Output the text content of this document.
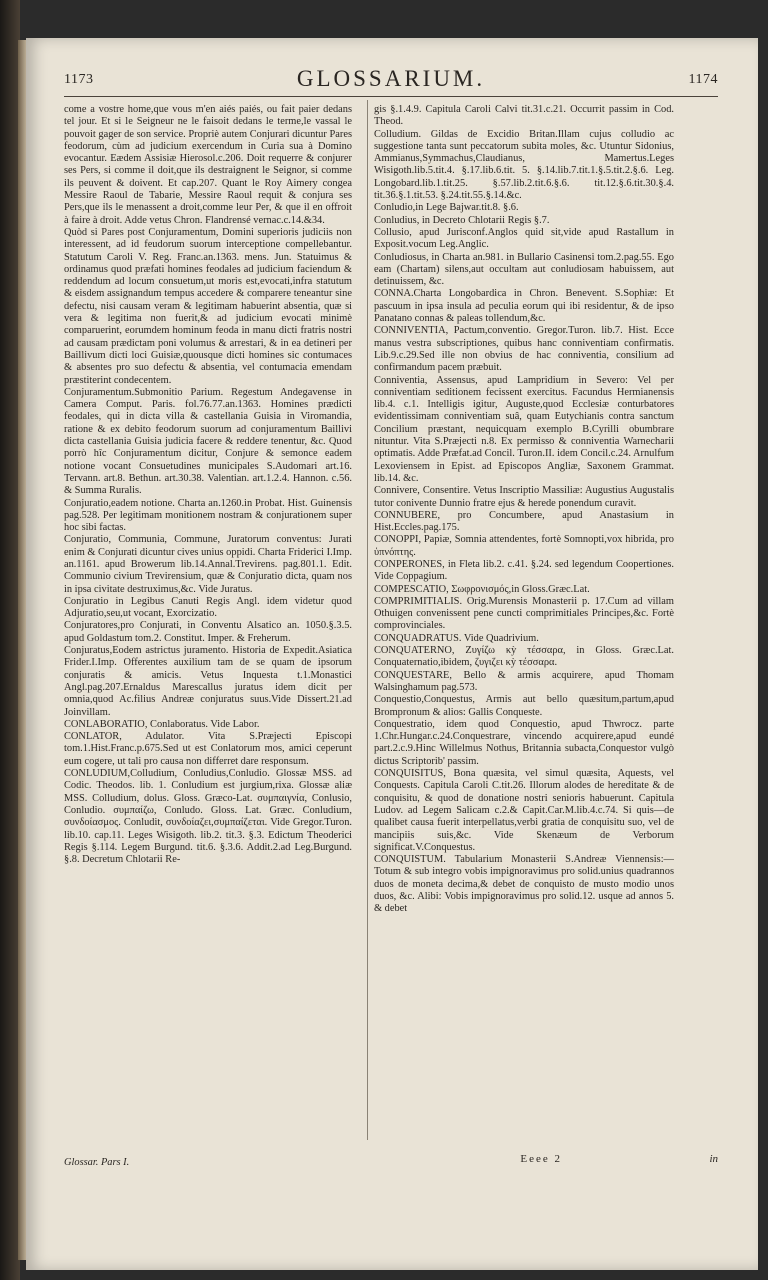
1173	GLOSSARIUM.	1174

come a vostre home,que vous m'en aiés paiés, ou fait paier dedans tel jour. Et si le Seigneur ne le faisoit dedans le terme,le vassal le pouvoit gager de son service. Propriè autem Conjurari dicuntur Pares feodorum, cùm ad judicium exercendum in Curia sua à Domino evocantur. Eædem Assisiæ Hierosol.c.206. Doit requerre & conjurer ses Pers, si comme il doit,que ils destraignent le Seignor, si comme ils peuvent & doivent. Et cap.207. Quant le Roy Aimery congea Messire Raoul de Tabarie, Messire Raoul requit & conjura ses Pers,que ils le menassent a droit,comme leur Per, & que il en offroit à faire à droit. Adde vetus Chron. Flandrensé vernac.c.14.&34.

Quòd si Pares post Conjuramentum, Domini superioris judiciis non interessent, ad id feudorum suorum interceptione compellebantur. Statutum Caroli V. Reg. Franc.an.1363. mens. Jun. Statuimus & ordinamus quod præfati homines feodales ad judicium faciendum & reddendum ad locum consuetum,ut moris est,evocati,infra statutum & eisdem assignandum tempus accedere & comparere teneantur sine defectu, nisi causam veram & legitimam habuerint absentia, quæ si vera & legitima non fuerit,& ad judicium evocati minimè comparuerint, eorumdem hominum feoda in manu dicti fratris nostri ad causam prædictam poni volumus & arrestari, & in ea detineri per Baillivum dicti loci Guisiæ,quousque dicti homines sic contumaces & absentes pro suo defectu & absentia, vel contumacia emendam præstiterint condecentem.

Conjuramentum.Submonitio Parium. Regestum Andegavense in Camera Comput. Paris. fol.76.77.an.1363. Homines prædicti feodales, qui in dicta villa & castellania Guisia in Viromandia, ratione & ex debito feodorum suorum ad conjuramentum Baillivi dicta castellania Guisia judicia facere & reddere tenentur, &c. Quod porrò hîc Conjuramentum dicitur, Conjure & semonce eadem notione vocant Consuetudines municipales S.Audomari art.16. Tervann. art.8. Bethun. art.30.38. Valentian. art.1.2.4. Hannon. c.56. & Summa Ruralis.

Conjuratio,eadem notione. Charta an.1260.in Probat. Hist. Guinensis pag.528. Per legitimam monitionem nostram & conjurationem super hoc sibi factas.

Conjuratio, Communia, Commune, Juratorum conventus: Jurati enim & Conjurati dicuntur cives unius oppidi. Charta Friderici I.Imp. an.1161. apud Browerum lib.14.Annal.Trevirens. pag.801.1. Edit. Communio civium Trevirensium, quæ & Conjuratio dicta, quam nos in ipsa civitate destruximus,&c. Vide Juratus.

Conjuratio in Legibus Canuti Regis Angl. idem videtur quod Adjuratio,seu,ut vocant, Exorcizatio.

Conjuratores,pro Conjurati, in Conventu Alsatico an. 1050.§.3.5. apud Goldastum tom.2. Constitut. Imper. & Freherum.

Conjuratus,Eodem astrictus juramento. Historia de Expedit.Asiatica Frider.I.Imp. Offerentes auxilium tam de se quam de ipsorum conjuratis & amicis. Vetus Inquesta t.1.Monastici Angl.pag.207.Ernaldus Marescallus juratus idem dicit per omnia,quod Ac.filius Andreæ conjuratus suus.Vide Dissert.21.ad Joinvillam.

CONLABORATIO, Conlaboratus. Vide Labor.

CONLATOR, Adulator. Vita S.Præjecti Episcopi tom.1.Hist.Franc.p.675.Sed ut est Conlatorum mos, amici ceperunt eum cogere, ut tali pro causa non differret dare responsum.

CONLUDIUM,Colludium, Conludius,Conludio. Glossæ MSS. ad Codic. Theodos. lib. 1. Conludium est jurgium,rixa. Glossæ aliæ MSS. Colludium, dolus. Gloss. Græco-Lat. συμπαιγνία, Conlusio, Conludio. συμπαίζω, Conludo. Gloss. Lat. Græc. Conludium, συνδοίασμος. Conludit, συνδοίαζει,συμπαίζεται. Vide Gregor.Turon. lib.10. cap.11. Leges Wisigoth. lib.2. tit.3. §.3. Edictum Theoderici Regis §.114. Legem Burgund. tit.6. §.3.6. Addit.2.ad Leg.Burgund. §.8. Decretum Chlotarii Re-

gis §.1.4.9. Capitula Caroli Calvi tit.31.c.21. Occurrit passim in Cod. Theod.

Colludium. Gildas de Excidio Britan.Illam cujus colludio ac suggestione tanta sunt peccatorum subita moles, &c. Utuntur Sidonius, Ammianus,Symmachus,Claudianus, Mamertus.Leges Wisigoth.lib.5.tit.4. §.17.lib.6.tit. 5. §.14.lib.7.tit.1.§.5.tit.2.§.6. Leg. Longobard.lib.1.tit.25. §.57.lib.2.tit.6.§.6. tit.12.§.6.tit.30.§.4. tit.36.§.1.tit.53. §.24.tit.55.§.14.&c.

Conludio,in Lege Bajwar.tit.8. §.6.

Conludius, in Decreto Chlotarii Regis §.7.

Collusio, apud Jurisconf.Anglos quid sit,vide apud Rastallum in Exposit.vocum Leg.Anglic.

Conludiosus, in Charta an.981. in Bullario Casinensi tom.2.pag.55. Ego eam (Chartam) silens,aut occultam aut conludiosam habuissem, aut detinuissem, &c.

CONNA.Charta Longobardica in Chron. Benevent. S.Sophiæ: Et pascuum in ipsa insula ad peculia eorum qui ibi residentur, & de ipso Panatano connas & paleas tollendum,&c.

CONNIVENTIA, Pactum,conventio. Gregor.Turon. lib.7. Hist. Ecce manus vestra subscriptiones, quibus hanc conniventiam confirmatis. Lib.9.c.29.Sed ille non obvius de hac conniventia, consilium ad confirmandum pacem præbuit.

Conniventia, Assensus, apud Lampridium in Severo: Vel per conniventiam seditionem fecissent exercitus. Facundus Hermianensis lib.4. c.1. Intelligis igitur, Auguste,quod Ecclesiæ conturbatores evidentissimam conniventiam suâ, quam Eutychianis contra sanctum Concilium præstant, nequicquam exemplo B.Cyrilli obumbrare nituntur. Vita S.Præjecti n.8. Ex permisso & conniventia Warnecharii optimatis. Adde Præfat.ad Concil. Turon.II. idem Concil.c.24. Arnulfum Lexoviensem in Epist. ad Episcopos Angliæ, Saxonem Grammat. lib.14. &c.

Connivere, Consentire. Vetus Inscriptio Massiliæ: Augustius Augustalis tutor conivente Dunnio fratre ejus & herede ponendum curavit.

CONNUBERE, pro Concumbere, apud Anastasium in Hist.Eccles.pag.175.

CONOPPI, Papiæ, Somnia attendentes, fortè Somnopti,vox hibrida, pro ὑπνόπτης.

CONPERONES, in Fleta lib.2. c.41. §.24. sed legendum Coopertiones. Vide Coppagium.

COMPESCATIO, Σωφρονισμός,in Gloss.Græc.Lat.

COMPRIMITIALIS. Orig.Murensis Monasterii p. 17.Cum ad villam Othuigen convenissent pene cuncti comprimitiales Principes,&c. Fortè comprovinciales.

CONQUADRATUS. Vide Quadrivium.

CONQUATERNO, Ζυγίζω κỳ τέσσαρα, in Gloss. Græc.Lat. Conquaternatio,ibidem, ζυγιζει κỳ τέσσαρα.

CONQUESTARE, Bello & armis acquirere, apud Thomam Walsinghamum pag.573.

Conquestio,Conquestus, Armis aut bello quæsitum,partum,apud Brompronum & alios: Gallis Conqueste.

Conquestratio, idem quod Conquestio, apud Thwrocz. parte 1.Chr.Hungar.c.24.Conquestrare, vincendo acquirere,apud eundé part.2.c.9.Hinc Willelmus Nothus, Britannia subacta,Conquestor vulgò dictus Scriptorib' passim.

CONQUISITUS, Bona quæsita, vel simul quæsita, Aquests, vel Conquests. Capitula Caroli C.tit.26. Illorum alodes de hereditate & de conquisitu, & quod de donatione nostri senioris habuerunt. Capitula Ludov. ad Legem Salicam c.2.& Capit.Car.M.lib.4.c.74. Si quis—de qualibet causa fuerit interpellatus,verbi gratia de conquisitu suo, vel de mancipiis suis,&c. Vide Skenæum de Verborum significat.V.Conquestus.

CONQUISTUM. Tabularium Monasterii S.Andreæ Viennensis:—Totum & sub integro vobis impignoravimus pro solid.unius quadrannos duos de moneta decima,& debet de conquisto de musto modio unos duos, &c. Alibi: Vobis impignoravimus pro solid.12. usque ad annos 5. & debet

Glossar. Pars I.	Eeee 2	in
